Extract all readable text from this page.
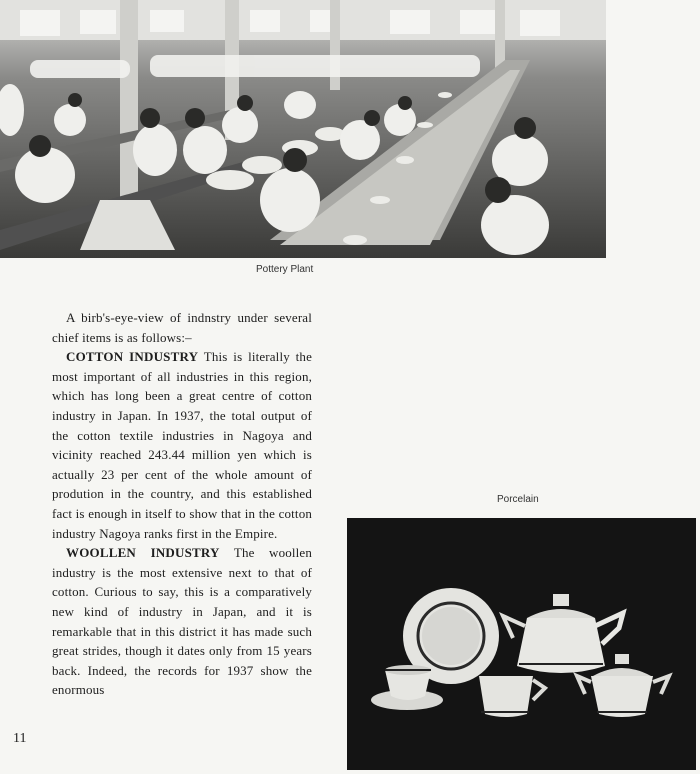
Pottery Plant

A birb's-eye-view of indnstry under several chief items is as follows:–

COTTON INDUSTRY This is literally the most important of all industries in this region, which has long been a great centre of cotton industry in Japan. In 1937, the total output of the cotton textile industries in Nagoya and vicinity reached 243.44 million yen which is actually 23 per cent of the whole amount of prodution in the country, and this established fact is enough in itself to show that in the cotton industry Nagoya ranks first in the Empire.

WOOLLEN INDUSTRY The woollen industry is the most extensive next to that of cotton. Curious to say, this is a comparatively new kind of industry in Japan, and it is remarkable that in this district it has made such great strides, though it dates only from 15 years back. Indeed, the records for 1937 show the enormous

Porcelain
11
